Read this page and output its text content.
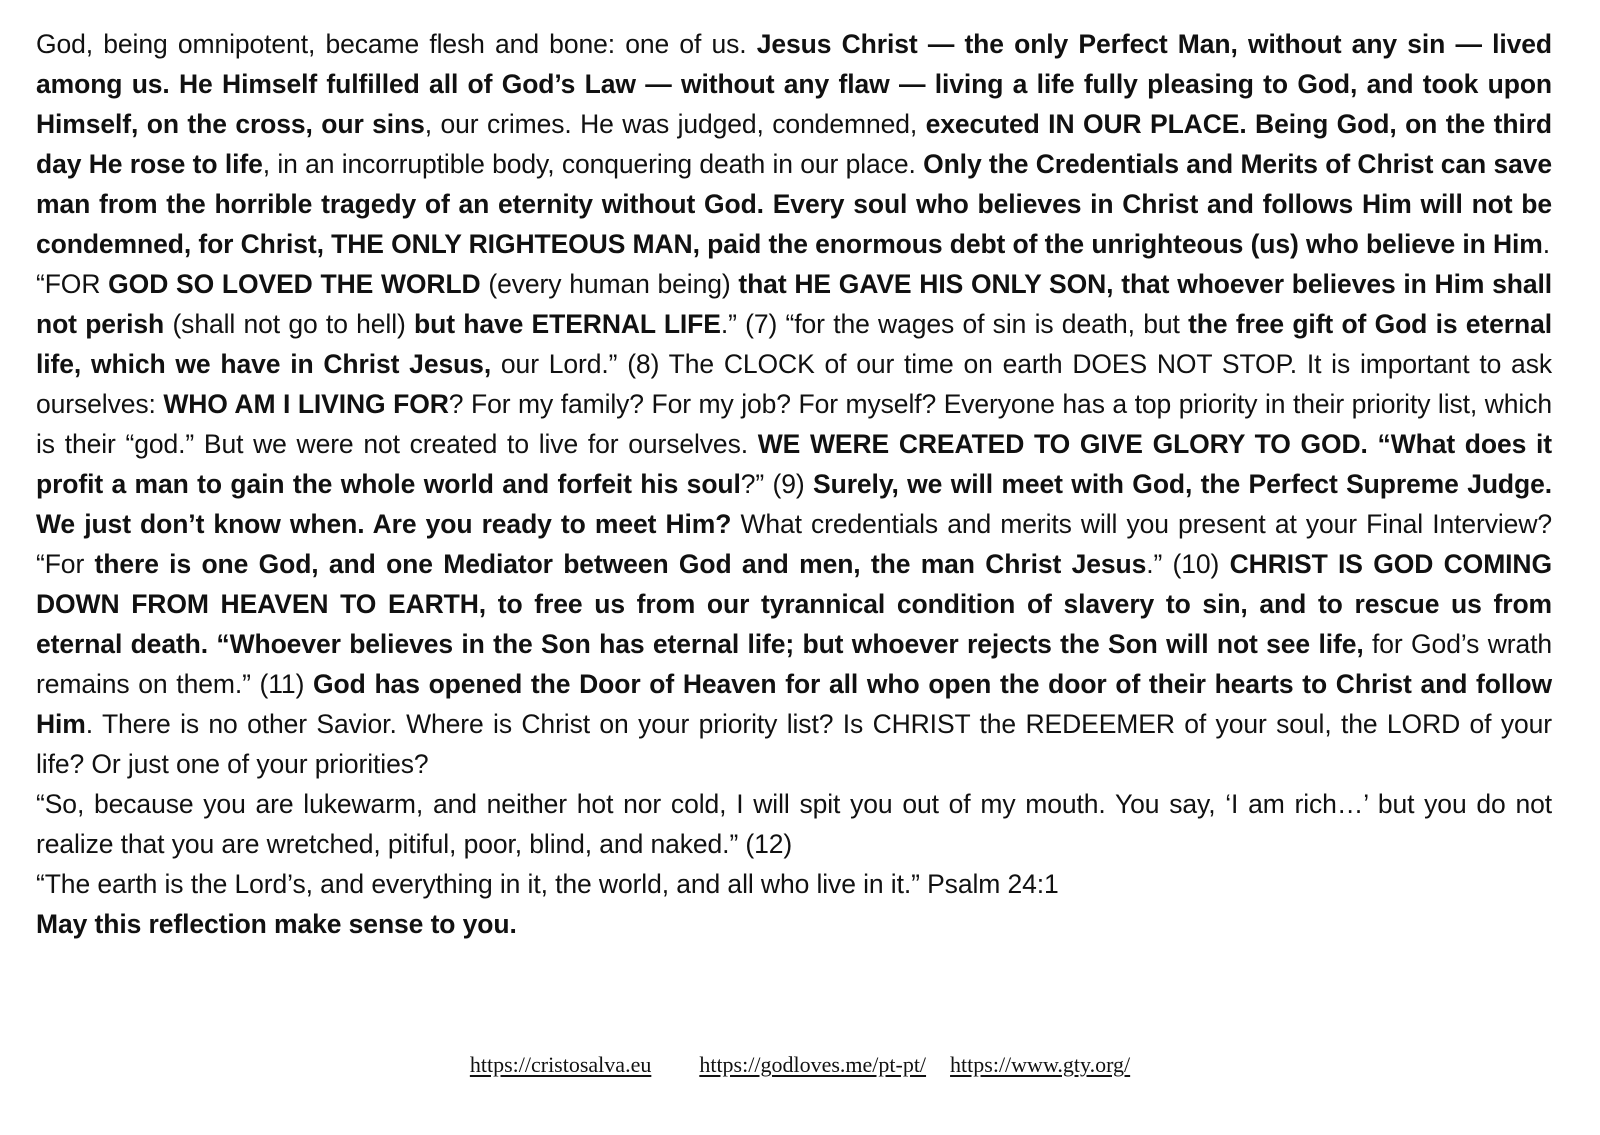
God, being omnipotent, became flesh and bone: one of us. Jesus Christ — the only Perfect Man, without any sin — lived among us. He Himself fulfilled all of God’s Law — without any flaw — living a life fully pleasing to God, and took upon Himself, on the cross, our sins, our crimes. He was judged, condemned, executed IN OUR PLACE. Being God, on the third day He rose to life, in an incorruptible body, conquering death in our place. Only the Credentials and Merits of Christ can save man from the horrible tragedy of an eternity without God. Every soul who believes in Christ and follows Him will not be condemned, for Christ, THE ONLY RIGHTEOUS MAN, paid the enormous debt of the unrighteous (us) who believe in Him.

“FOR GOD SO LOVED THE WORLD (every human being) that HE GAVE HIS ONLY SON, that whoever believes in Him shall not perish (shall not go to hell) but have ETERNAL LIFE.” (7) “for the wages of sin is death, but the free gift of God is eternal life, which we have in Christ Jesus, our Lord.” (8) The CLOCK of our time on earth DOES NOT STOP. It is important to ask ourselves: WHO AM I LIVING FOR? For my family? For my job? For myself? Everyone has a top priority in their priority list, which is their “god.” But we were not created to live for ourselves. WE WERE CREATED TO GIVE GLORY TO GOD. “What does it profit a man to gain the whole world and forfeit his soul?” (9) Surely, we will meet with God, the Perfect Supreme Judge. We just don’t know when. Are you ready to meet Him? What credentials and merits will you present at your Final Interview? “For there is one God, and one Mediator between God and men, the man Christ Jesus.” (10) CHRIST IS GOD COMING DOWN FROM HEAVEN TO EARTH, to free us from our tyrannical condition of slavery to sin, and to rescue us from eternal death. “Whoever believes in the Son has eternal life; but whoever rejects the Son will not see life, for God’s wrath remains on them.” (11) God has opened the Door of Heaven for all who open the door of their hearts to Christ and follow Him. There is no other Savior. Where is Christ on your priority list? Is CHRIST the REDEEMER of your soul, the LORD of your life? Or just one of your priorities?

“So, because you are lukewarm, and neither hot nor cold, I will spit you out of my mouth. You say, ‘I am rich…’ but you do not realize that you are wretched, pitiful, poor, blind, and naked.” (12)

“The earth is the Lord’s, and everything in it, the world, and all who live in it.” Psalm 24:1

May this reflection make sense to you.

https://cristosalva.eu https://godloves.me/pt-pt/ https://www.gty.org/
